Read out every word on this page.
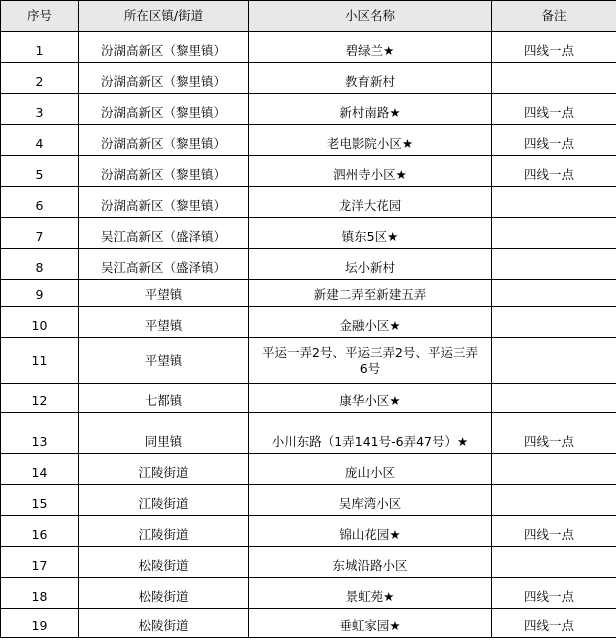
序号	所在区镇/街道	小区名称	备注
1	汾湖高新区（黎里镇）	碧绿兰★	四线一点
2	汾湖高新区（黎里镇）	教育新村	
3	汾湖高新区（黎里镇）	新村南路★	四线一点
4	汾湖高新区（黎里镇）	老电影院小区★	四线一点
5	汾湖高新区（黎里镇）	泗州寺小区★	四线一点
6	汾湖高新区（黎里镇）	龙洋大花园	
7	吴江高新区（盛泽镇）	镇东5区★	
8	吴江高新区（盛泽镇）	坛小新村	
9	平望镇	新建二弄至新建五弄	
10	平望镇	金融小区★	
11	平望镇	平运一弄2号、平运三弄2号、平运三弄6号	
12	七都镇	康华小区★	
13	同里镇	小川东路（1弄141号-6弄47号）★	四线一点
14	江陵街道	庞山小区	
15	江陵街道	吴库湾小区	
16	江陵街道	锦山花园★	四线一点
17	松陵街道	东城沿路小区	
18	松陵街道	景虹苑★	四线一点
19	松陵街道	垂虹家园★	四线一点
